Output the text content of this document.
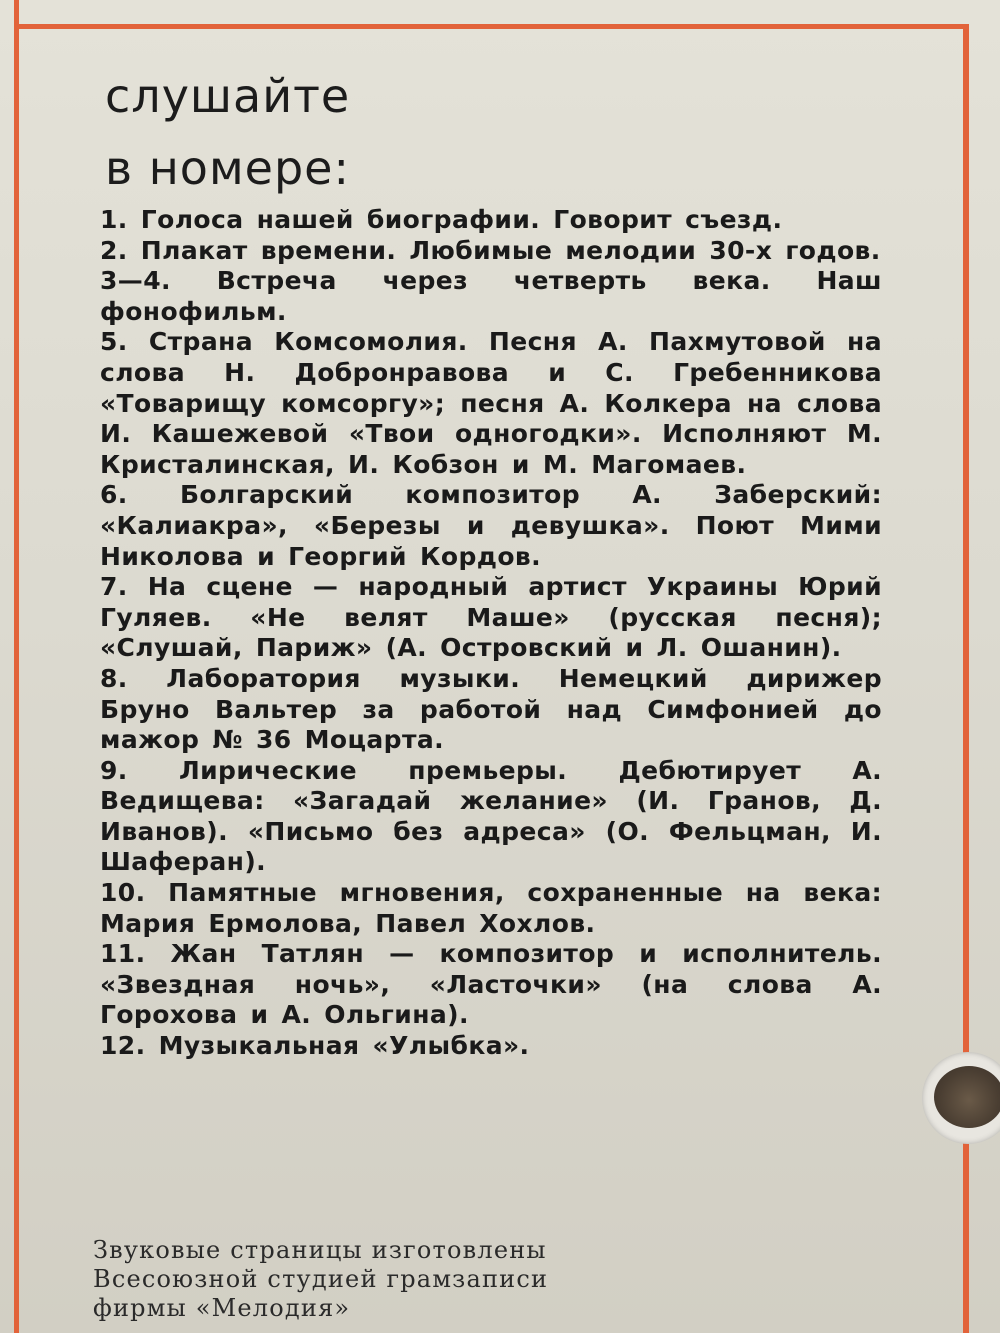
слушайте
в номере:
1. Голоса нашей биографии. Говорит съезд.
2. Плакат времени. Любимые мелодии 30-х годов.
3—4. Встреча через четверть века. Наш фонофильм.
5. Страна Комсомолия. Песня А. Пахмутовой на слова Н. Добронравова и С. Гребенникова «Товарищу комсоргу»; песня А. Колкера на слова И. Кашежевой «Твои одногодки». Исполняют М. Кристалинская, И. Кобзон и М. Магомаев.
6. Болгарский композитор А. Заберский: «Калиакра», «Березы и девушка». Поют Мими Николова и Георгий Кордов.
7. На сцене — народный артист Украины Юрий Гуляев. «Не велят Маше» (русская песня); «Слушай, Париж» (А. Островский и Л. Ошанин).
8. Лаборатория музыки. Немецкий дирижер Бруно Вальтер за работой над Симфонией до мажор № 36 Моцарта.
9. Лирические премьеры. Дебютирует А. Ведищева: «Загадай желание» (И. Гранов, Д. Иванов). «Письмо без адреса» (О. Фельцман, И. Шаферан).
10. Памятные мгновения, сохраненные на века: Мария Ермолова, Павел Хохлов.
11. Жан Татлян — композитор и исполнитель. «Звездная ночь», «Ласточки» (на слова А. Горохова и А. Ольгина).
12. Музыкальная «Улыбка».

Звуковые страницы изготовлены
Всесоюзной студией грамзаписи
фирмы «Мелодия»
